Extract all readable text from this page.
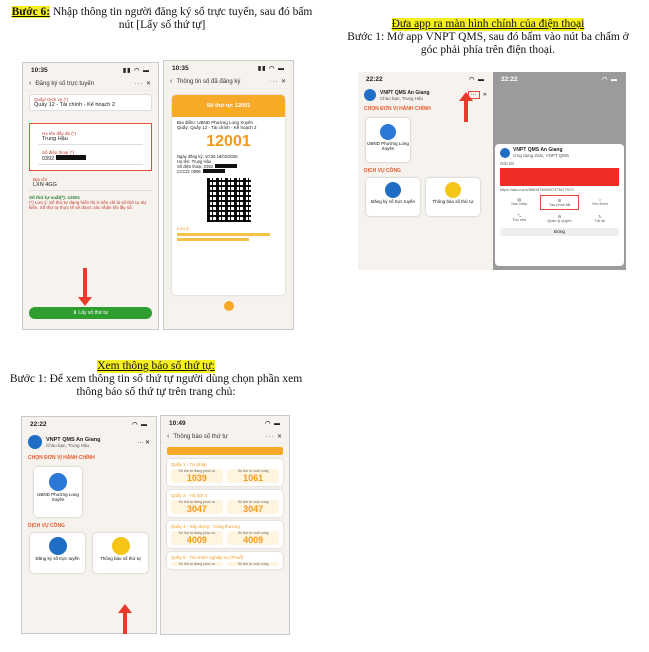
Bước 6: Nhập thông tin người đăng ký số trực tuyến, sau đó bấm nút [Lấy số thứ tự]	Đưa app ra màn hình chính của điện thoại
Bước 1: Mở app VNPT QMS, sau đó bấm vào nút ba chấm ở góc phải phía trên điện thoại.
Xem thông báo số thứ tự:
Bước 1: Để xem thông tin số thứ tự người dùng chọn phần xem thông báo số thứ tự trên trang chủ:
10:35	▮▮ ◠ ▬
‹ Đăng ký số trực tuyến	··· ✕
Quầy/ Dịch vụ (*)
Quầy 12 - Tài chính - Kế hoạch 2
Họ tên đầy đủ (*)
Trung Hậu
Số điện thoại (*)
0392
Địa chỉ
LXN 4GG
Số thứ tự xuất(*): 12001
(*) Lưu ý: Số thứ tự đang hiển thị ở trên chỉ là số thứ tự dự kiến. Số thứ tự thực tế sẽ được xác nhận khi lấy số.
⬇ Lấy số thứ tự
10:35	▮▮ ◠ ▬
‹ Thông tin số đã đăng ký	··· ✕
Số thứ tự: 12001
Địa điểm: UBND Phường Long Xuyên
Quầy: Quầy 12 - Tài chính - Kế hoạch 2
12001
Ngày đăng ký: 10:35 18/02/2025
Họ tên: Trung Hậu
Số điện thoại: 0392
CCCD: 0896
Lưu ý:
22:22	◠ ▬
VNPT QMS An Giang
Chào bạn, Trung Hậu	···	✕
CHỌN ĐƠN VỊ HÀNH CHÍNH
UBND Phường Long Xuyên
DỊCH VỤ CÔNG
Đăng ký số trực tuyến	Thông báo số thứ tự
22:22	◠ ▬
VNPT QMS An Giang
Ứng dụng Zalo, VNPT QMS
Gửi tới
https://zalo.me/s/588187896307473877927/
▤
Sao chép
⊞
Tạo phím tắt
☆
Yêu thích
⤡
Thu nhỏ
⚙
Quản lý quyền
↻
Tải lại
Đóng
22:22	◠ ▬
VNPT QMS An Giang
Chào bạn, Trung Hậu	··· ✕
CHỌN ĐƠN VỊ HÀNH CHÍNH
UBND Phường Long Xuyên
DỊCH VỤ CÔNG
Đăng ký số trực tuyến	Thông báo số thứ tự
10:49	◠ ▬
‹ Thông báo số thứ tự	··· ✕
Quầy 1 - Tư pháp
Số thứ tự đang phục vụ
1039
Số thứ tự cuối cùng
1061
Quầy 3 - Hộ tịch 3
Số thứ tự đang phục vụ
3047
Số thứ tự cuối cùng
3047
Quầy 4 - Xây dựng - Công thương
Số thứ tự đang phục vụ
4009
Số thứ tự cuối cùng
4009
Quầy 5 - Tài chính nghiệp vụ (Thuế)
Số thứ tự đang phục vụ	Số thứ tự cuối cùng
